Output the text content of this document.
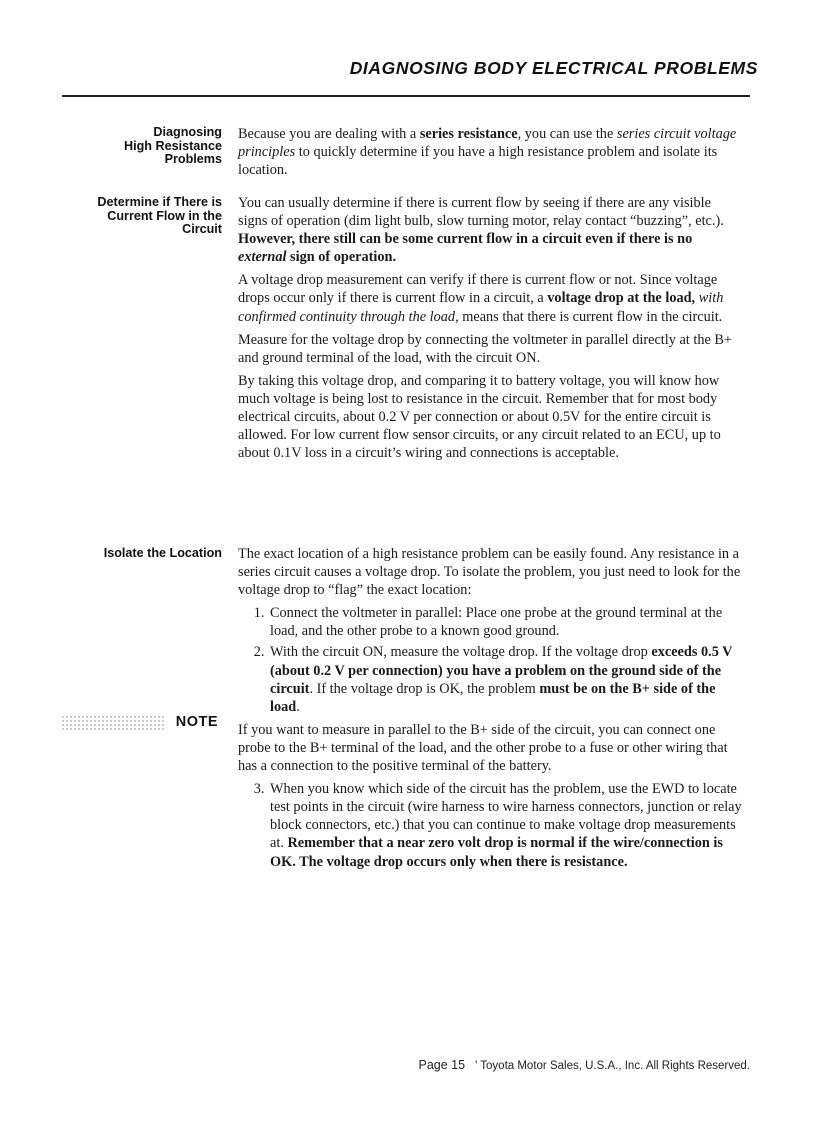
DIAGNOSING BODY ELECTRICAL PROBLEMS
Diagnosing
High Resistance
Problems

Because you are dealing with a series resistance, you can use the series circuit voltage principles to quickly determine if you have a high resistance problem and isolate its location.

Determine if There is
Current Flow in the
Circuit

You can usually determine if there is current flow by seeing if there are any visible signs of operation (dim light bulb, slow turning motor, relay contact “buzzing”, etc.). However, there still can be some current flow in a circuit even if there is no external sign of operation.

A voltage drop measurement can verify if there is current flow or not. Since voltage drops occur only if there is current flow in a circuit, a voltage drop at the load, with confirmed continuity through the load, means that there is current flow in the circuit.

Measure for the voltage drop by connecting the voltmeter in parallel directly at the B+ and ground terminal of the load, with the circuit ON.

By taking this voltage drop, and comparing it to battery voltage, you will know how much voltage is being lost to resistance in the circuit. Remember that for most body electrical circuits, about 0.2 V per connection or about 0.5V for the entire circuit is allowed. For low current flow sensor circuits, or any circuit related to an ECU, up to about 0.1V loss in a circuit’s wiring and connections is acceptable.

Isolate the Location The exact location of a high resistance problem can be easily found. Any resistance in a series circuit causes a voltage drop. To isolate the problem, you just need to look for the voltage drop to “flag” the exact location:

1. Connect the voltmeter in parallel: Place one probe at the ground terminal at the load, and the other probe to a known good ground.
2. With the circuit ON, measure the voltage drop. If the voltage drop exceeds 0.5 V (about 0.2 V per connection) you have a problem on the ground side of the circuit. If the voltage drop is OK, the problem must be on the B+ side of the load.

If you want to measure in parallel to the B+ side of the circuit, you can connect one probe to the B+ terminal of the load, and the other probe to a fuse or other wiring that has a connection to the positive terminal of the battery.

3. When you know which side of the circuit has the problem, use the EWD to locate test points in the circuit (wire harness to wire harness connectors, junction or relay block connectors, etc.) that you can continue to make voltage drop measurements at. Remember that a near zero volt drop is normal if the wire/connection is OK. The voltage drop occurs only when there is resistance.
NOTE
Page 15 ' Toyota Motor Sales, U.S.A., Inc. All Rights Reserved.
